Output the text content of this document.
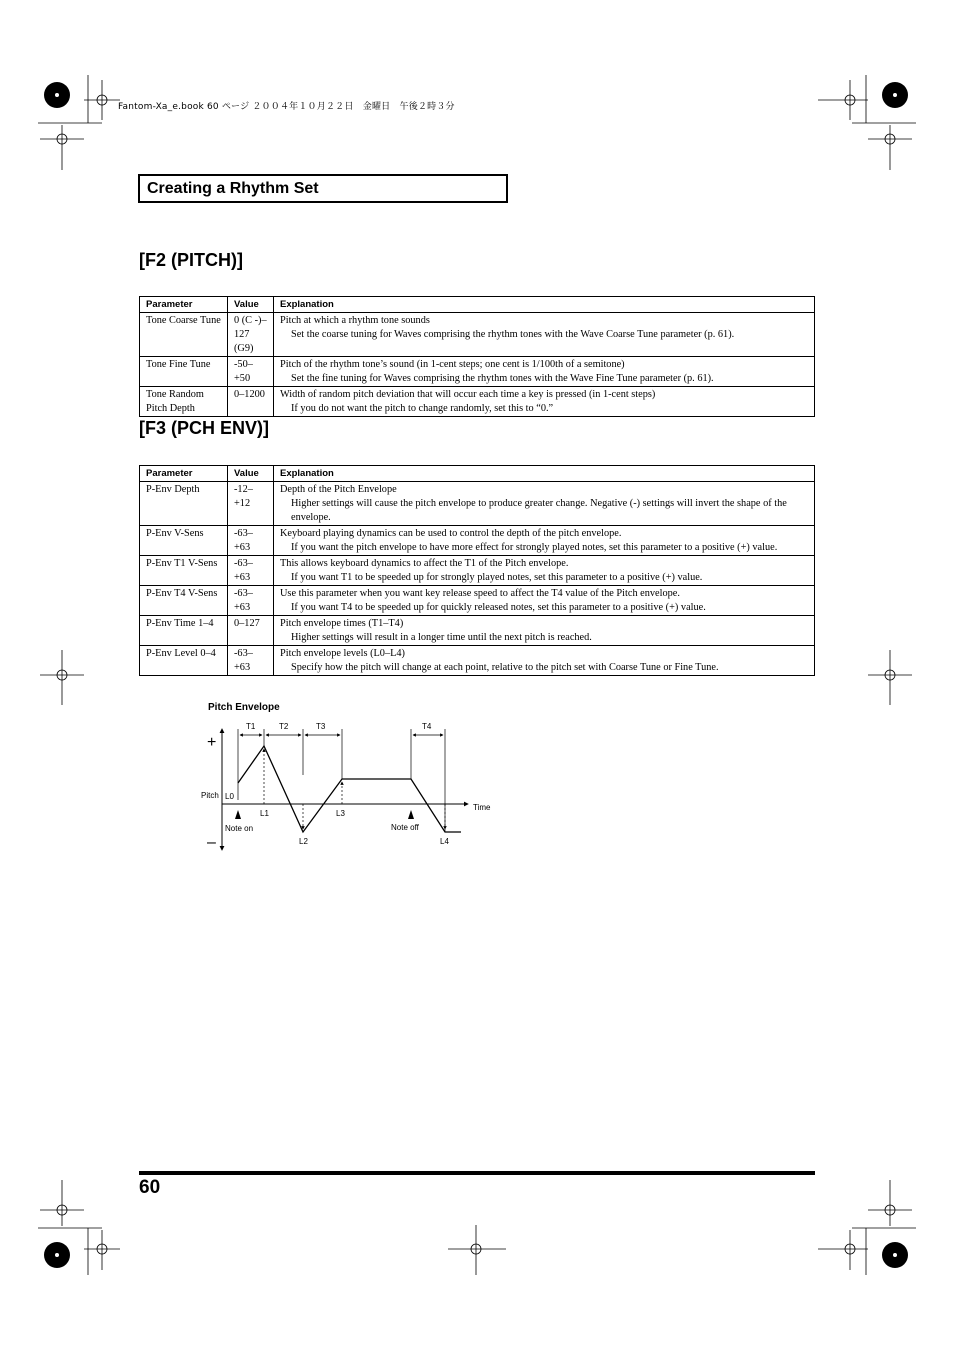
Fantom-Xa_e.book 60 ページ ２００４年１０月２２日　金曜日　午後２時３分
Creating a Rhythm Set
[F2 (PITCH)]
Parameter	Value	Explanation
Tone Coarse Tune	0 (C -)– 127 (G9)	Pitch at which a rhythm tone sounds
Set the coarse tuning for Waves comprising the rhythm tones with the Wave Coarse Tune parameter (p. 61).

Tone Fine Tune	-50– +50	Pitch of the rhythm tone’s sound (in 1-cent steps; one cent is 1/100th of a semitone)
Set the fine tuning for Waves comprising the rhythm tones with the Wave Fine Tune parameter (p. 61).

Tone Random Pitch Depth	0–1200	Width of random pitch deviation that will occur each time a key is pressed (in 1-cent steps)
If you do not want the pitch to change randomly, set this to “0.”
[F3 (PCH ENV)]
Parameter	Value	Explanation
P-Env Depth	-12– +12	Depth of the Pitch Envelope
Higher settings will cause the pitch envelope to produce greater change. Negative (-) settings will invert the shape of the envelope.

P-Env V-Sens	-63– +63	Keyboard playing dynamics can be used to control the depth of the pitch envelope.
If you want the pitch envelope to have more effect for strongly played notes, set this parameter to a positive (+) value.

P-Env T1 V-Sens	-63– +63	This allows keyboard dynamics to affect the T1 of the Pitch envelope.
If you want T1 to be speeded up for strongly played notes, set this parameter to a positive (+) value.

P-Env T4 V-Sens	-63– +63	Use this parameter when you want key release speed to affect the T4 value of the Pitch envelope.
If you want T4 to be speeded up for quickly released notes, set this parameter to a positive (+) value.

P-Env Time 1–4	0–127	Pitch envelope times (T1–T4)
Higher settings will result in a longer time until the next pitch is reached.

P-Env Level 0–4	-63– +63	Pitch envelope levels (L0–L4)
Specify how the pitch will change at each point, relative to the pitch set with Coarse Tune or Fine Tune.
Pitch Envelope
+
–
Pitch
Time
T1	T2	T3	T4
L0
L1
L2
L3
L4
Note on	Note off
60
